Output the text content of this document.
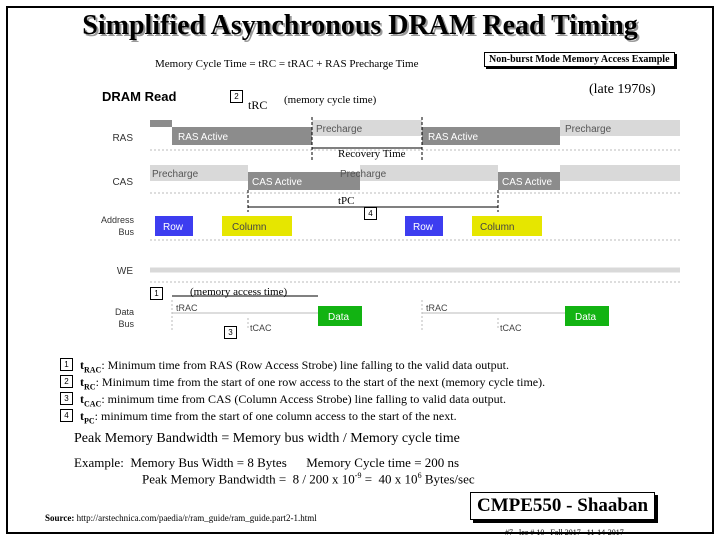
Simplified Asynchronous DRAM Read Timing
Memory Cycle Time = tRC = tRAC + RAS Precharge Time	Non-burst Mode Memory Access Example
(late 1970s)
DRAM Read
RAS
CAS
Address
Bus
WE
Data
Bus
RAS Active
Precharge
RAS Active
Precharge
Precharge
CAS Active
Precharge
CAS Active
Row	Column	Row	Column
tRAC
Data
tRAC
Data
tCAC	tCAC
tRC (memory cycle time)
Recovery Time
tPC
(memory access time)
2
4
1
3
1
2
3
4
$t_{RAC}$: Minimum time from RAS (Row Access Strobe) line falling to the valid data output.
$t_{RC}$: Minimum time from the start of one row access to the start of the next (memory cycle time).
$t_{CAC}$: minimum time from CAS (Column Access Strobe) line falling to valid data output.
$t_{PC}$: minimum time from the start of one column access to the start of the next.
Peak Memory Bandwidth = Memory bus width / Memory cycle time
Example:  Memory Bus Width = 8 Bytes      Memory Cycle time = 200 ns
Peak Memory Bandwidth =  8 / 200 x $10^{-9} = 40$ x $10^6$ Bytes/sec
Source: http://arstechnica.com/paedia/r/ram_guide/ram_guide.part2-1.html
CMPE550 - Shaaban
#7   lec # 10   Fall 2017   11-14-2017
